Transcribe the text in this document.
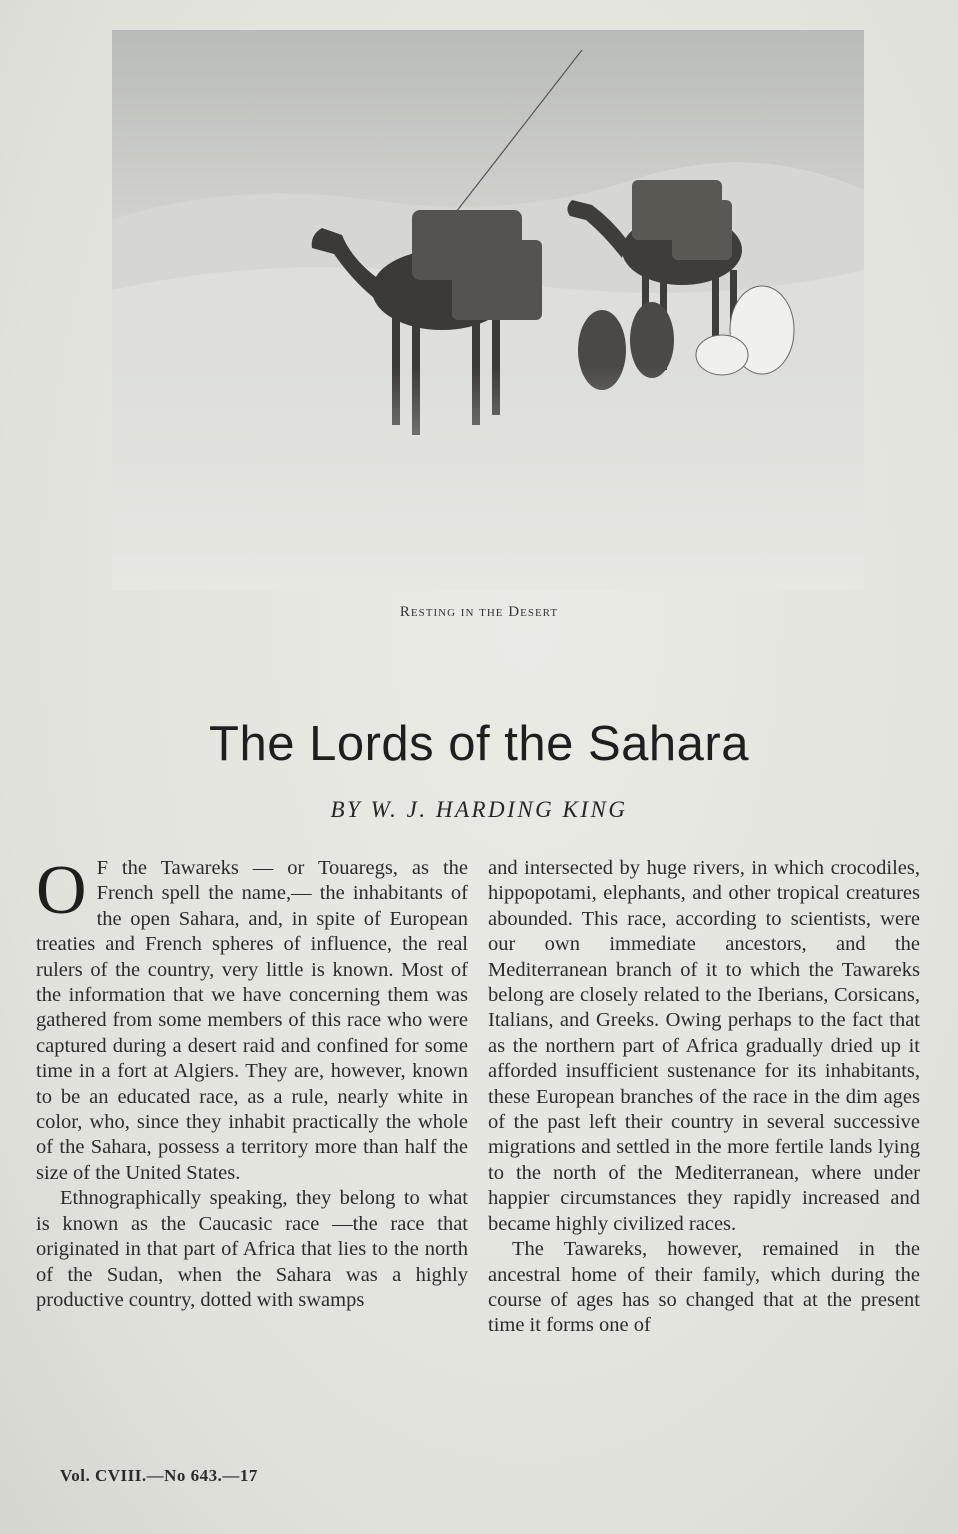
Resting in the Desert
The Lords of the Sahara
BY W. J. HARDING KING
O F the Tawareks — or Touaregs, as the French spell the name,— the inhabitants of the open Sahara, and, in spite of European treaties and French spheres of influence, the real rulers of the country, very little is known. Most of the information that we have concerning them was gathered from some members of this race who were captured during a desert raid and confined for some time in a fort at Algiers. They are, however, known to be an educated race, as a rule, nearly white in color, who, since they inhabit practically the whole of the Sahara, possess a territory more than half the size of the United States.

Ethnographically speaking, they belong to what is known as the Caucasic race —the race that originated in that part of Africa that lies to the north of the Sudan, when the Sahara was a highly productive country, dotted with swamps

and intersected by huge rivers, in which crocodiles, hippopotami, elephants, and other tropical creatures abounded. This race, according to scientists, were our own immediate ancestors, and the Mediterranean branch of it to which the Tawareks belong are closely related to the Iberians, Corsicans, Italians, and Greeks. Owing perhaps to the fact that as the northern part of Africa gradually dried up it afforded insufficient sustenance for its inhabitants, these European branches of the race in the dim ages of the past left their country in several successive migrations and settled in the more fertile lands lying to the north of the Mediterranean, where under happier circumstances they rapidly increased and became highly civilized races.

The Tawareks, however, remained in the ancestral home of their family, which during the course of ages has so changed that at the present time it forms one of

Vol. CVIII.—No 643.—17
